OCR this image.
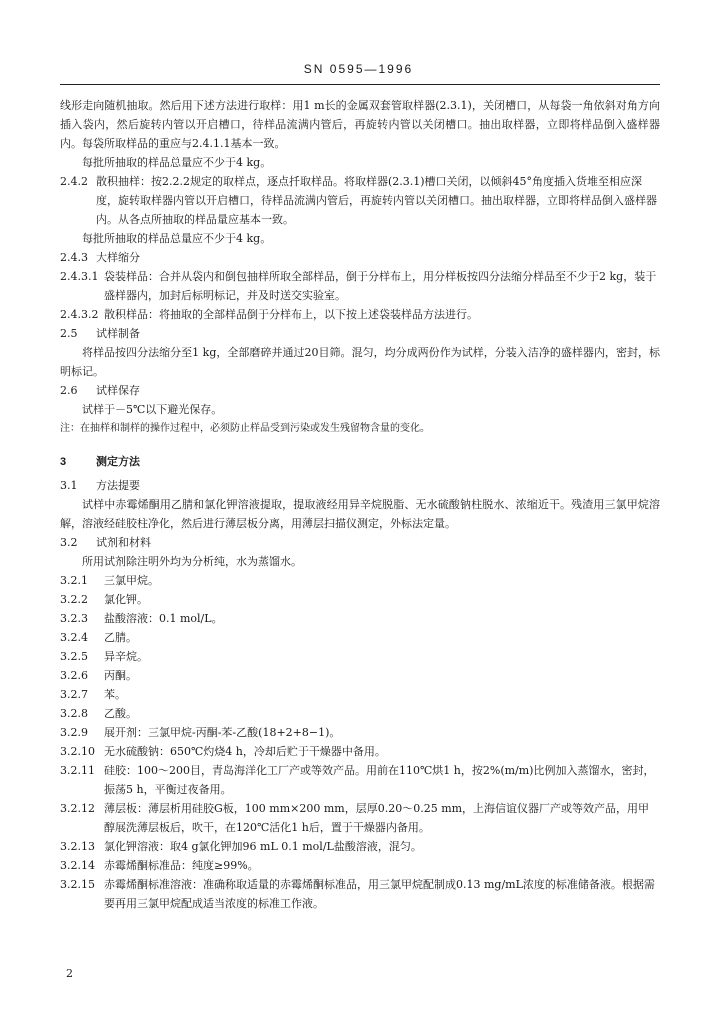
SN 0595—1996

线形走向随机抽取。然后用下述方法进行取样：用1 m长的金属双套管取样器(2.3.1)，关闭槽口，从每袋一角依斜对角方向插入袋内，然后旋转内管以开启槽口，待样品流满内管后，再旋转内管以关闭槽口。抽出取样器，立即将样品倒入盛样器内。每袋所取样品的重应与2.4.1.1基本一致。

每批所抽取的样品总量应不少于4 kg。

2.4.2 散积抽样：按2.2.2规定的取样点，逐点扦取样品。将取样器(2.3.1)槽口关闭，以倾斜45°角度插入货堆至相应深度，旋转取样器内管以开启槽口，待样品流满内管后，再旋转内管以关闭槽口。抽出取样器，立即将样品倒入盛样器内。从各点所抽取的样品量应基本一致。

每批所抽取的样品总量应不少于4 kg。

2.4.3 大样缩分
2.4.3.1 袋装样品：合并从袋内和倒包抽样所取全部样品，倒于分样布上，用分样板按四分法缩分样品至不少于2 kg，装于盛样器内，加封后标明标记，并及时送交实验室。
2.4.3.2 散积样品：将抽取的全部样品倒于分样布上，以下按上述袋装样品方法进行。
2.5	试样制备

将样品按四分法缩分至1 kg，全部磨碎并通过20目筛。混匀，均分成两份作为试样，分装入洁净的盛样器内，密封，标明标记。

2.6	试样保存

试样于－5℃以下避光保存。

注：在抽样和制样的操作过程中，必须防止样品受到污染或发生残留物含量的变化。

3	测定方法
3.1	方法提要

试样中赤霉烯酮用乙腈和氯化钾溶液提取，提取液经用异辛烷脱脂、无水硫酸钠柱脱水、浓缩近干。残渣用三氯甲烷溶解，溶液经硅胶柱净化，然后进行薄层板分离，用薄层扫描仪测定，外标法定量。

3.2	试剂和材料

所用试剂除注明外均为分析纯，水为蒸馏水。

3.2.1	三氯甲烷。
3.2.2	氯化钾。
3.2.3	盐酸溶液：0.1 mol/L。
3.2.4	乙腈。
3.2.5	异辛烷。
3.2.6	丙酮。
3.2.7	苯。
3.2.8	乙酸。
3.2.9	展开剂：三氯甲烷-丙酮-苯-乙酸(18+2+8−1)。
3.2.10 无水硫酸钠：650℃灼烧4 h，冷却后贮于干燥器中备用。
3.2.11 硅胶：100～200目，青岛海洋化工厂产或等效产品。用前在110℃烘1 h，按2%(m/m)比例加入蒸馏水，密封，振荡5 h，平衡过夜备用。
3.2.12 薄层板：薄层析用硅胶G板，100 mm×200 mm，层厚0.20～0.25 mm，上海信谊仪器厂产或等效产品，用甲醇展洗薄层板后，吹干，在120℃活化1 h后，置于干燥器内备用。
3.2.13 氯化钾溶液：取4 g氯化钾加96 mL 0.1 mol/L盐酸溶液，混匀。
3.2.14 赤霉烯酮标准品：纯度≥99%。
3.2.15 赤霉烯酮标准溶液：准确称取适量的赤霉烯酮标准品，用三氯甲烷配制成0.13 mg/mL浓度的标准储备液。根据需要再用三氯甲烷配成适当浓度的标准工作液。
2
